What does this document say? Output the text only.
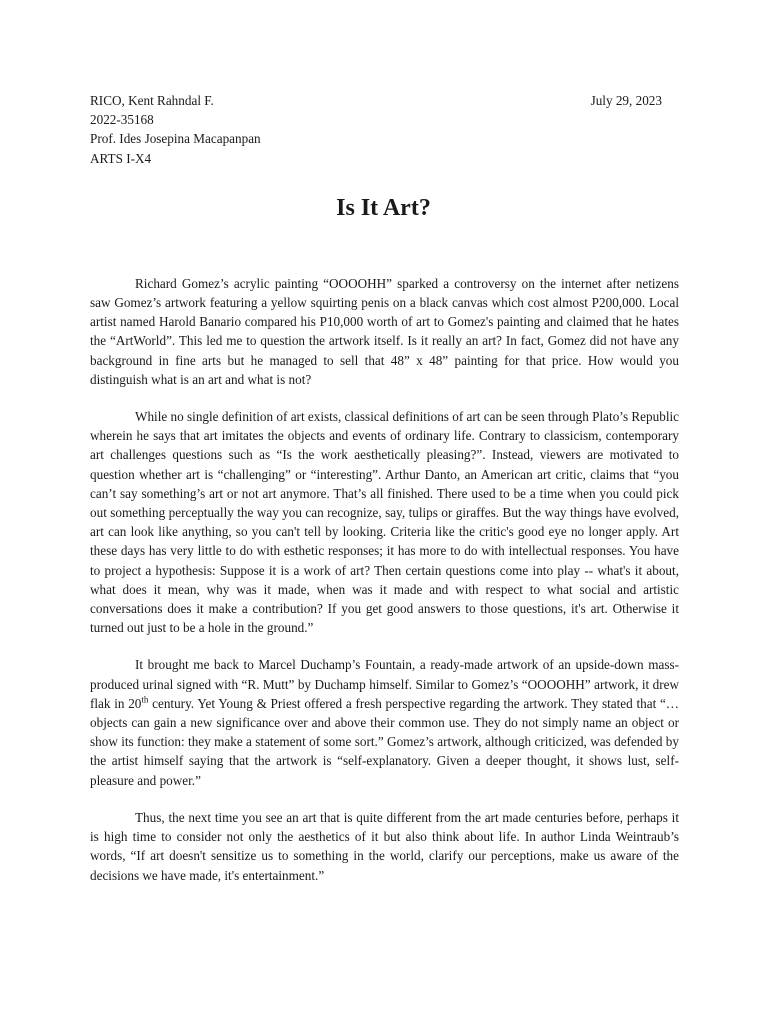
RICO, Kent Rahndal F.	July 29, 2023
2022-35168
Prof. Ides Josepina Macapanpan
ARTS I-X4
Is It Art?

Richard Gomez’s acrylic painting “OOOOHH” sparked a controversy on the internet after netizens saw Gomez’s artwork featuring a yellow squirting penis on a black canvas which cost almost P200,000. Local artist named Harold Banario compared his P10,000 worth of art to Gomez's painting and claimed that he hates the “ArtWorld”. This led me to question the artwork itself. Is it really an art? In fact, Gomez did not have any background in fine arts but he managed to sell that 48” x 48” painting for that price. How would you distinguish what is an art and what is not?

While no single definition of art exists, classical definitions of art can be seen through Plato’s Republic wherein he says that art imitates the objects and events of ordinary life. Contrary to classicism, contemporary art challenges questions such as “Is the work aesthetically pleasing?”. Instead, viewers are motivated to question whether art is “challenging” or “interesting”. Arthur Danto, an American art critic, claims that “you can’t say something’s art or not art anymore. That’s all finished. There used to be a time when you could pick out something perceptually the way you can recognize, say, tulips or giraffes. But the way things have evolved, art can look like anything, so you can't tell by looking. Criteria like the critic's good eye no longer apply. Art these days has very little to do with esthetic responses; it has more to do with intellectual responses. You have to project a hypothesis: Suppose it is a work of art? Then certain questions come into play -- what's it about, what does it mean, why was it made, when was it made and with respect to what social and artistic conversations does it make a contribution? If you get good answers to those questions, it's art. Otherwise it turned out just to be a hole in the ground.”

It brought me back to Marcel Duchamp’s Fountain, a ready-made artwork of an upside-down mass-produced urinal signed with “R. Mutt” by Duchamp himself. Similar to Gomez’s “OOOOHH” artwork, it drew flak in 20th century. Yet Young & Priest offered a fresh perspective regarding the artwork. They stated that “…objects can gain a new significance over and above their common use. They do not simply name an object or show its function: they make a statement of some sort.” Gomez’s artwork, although criticized, was defended by the artist himself saying that the artwork is “self-explanatory. Given a deeper thought, it shows lust, self-pleasure and power.”

Thus, the next time you see an art that is quite different from the art made centuries before, perhaps it is high time to consider not only the aesthetics of it but also think about life. In author Linda Weintraub’s words, “If art doesn't sensitize us to something in the world, clarify our perceptions, make us aware of the decisions we have made, it's entertainment.”
